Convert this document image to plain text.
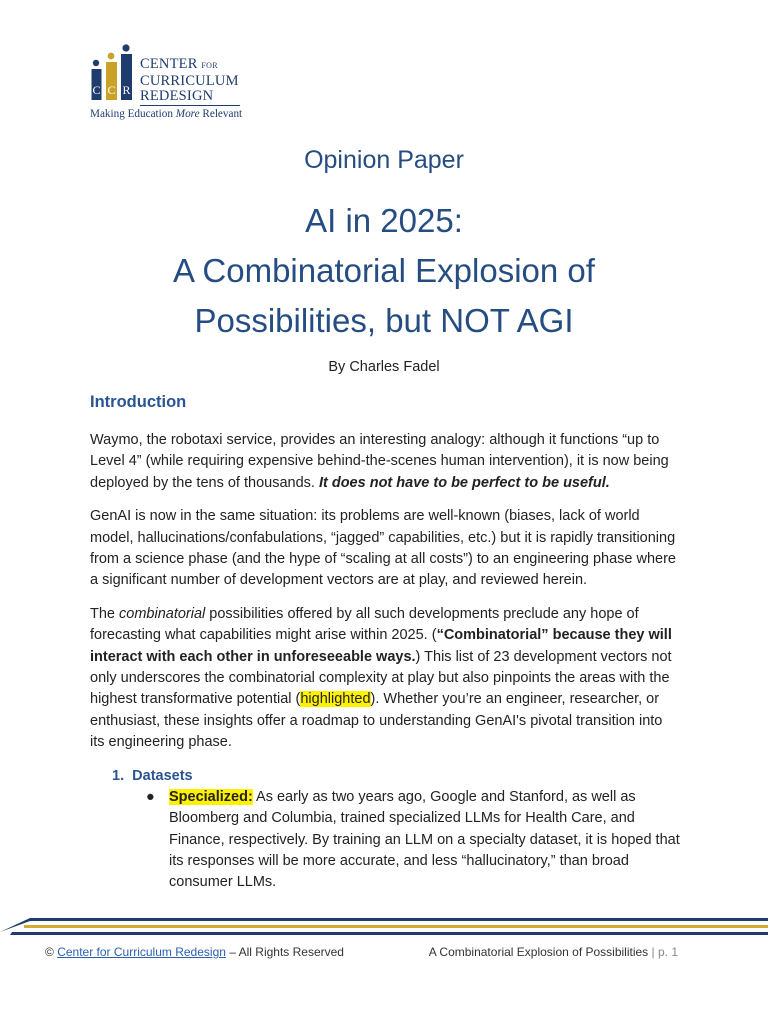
C C R
CENTER FOR
CURRICULUM
REDESIGN
Making Education More Relevant
Opinion Paper
AI in 2025:
A Combinatorial Explosion of
Possibilities, but NOT AGI
By Charles Fadel
Introduction

Waymo, the robotaxi service, provides an interesting analogy: although it functions “up to Level 4” (while requiring expensive behind-the-scenes human intervention), it is now being deployed by the tens of thousands. It does not have to be perfect to be useful.

GenAI is now in the same situation: its problems are well-known (biases, lack of world model, hallucinations/confabulations, “jagged” capabilities, etc.) but it is rapidly transitioning from a science phase (and the hype of “scaling at all costs”) to an engineering phase where a significant number of development vectors are at play, and reviewed herein.

The combinatorial possibilities offered by all such developments preclude any hope of forecasting what capabilities might arise within 2025. (“Combinatorial” because they will interact with each other in unforeseeable ways.) This list of 23 development vectors not only underscores the combinatorial complexity at play but also pinpoints the areas with the highest transformative potential (highlighted). Whether you’re an engineer, researcher, or enthusiast, these insights offer a roadmap to understanding GenAI's pivotal transition into its engineering phase.

1. Datasets
● Specialized: As early as two years ago, Google and Stanford, as well as Bloomberg and Columbia, trained specialized LLMs for Health Care, and Finance, respectively. By training an LLM on a specialty dataset, it is hoped that its responses will be more accurate, and less “hallucinatory,” than broad consumer LLMs.
© Center for Curriculum Redesign – All Rights Reserved	A Combinatorial Explosion of Possibilities | p. 1
